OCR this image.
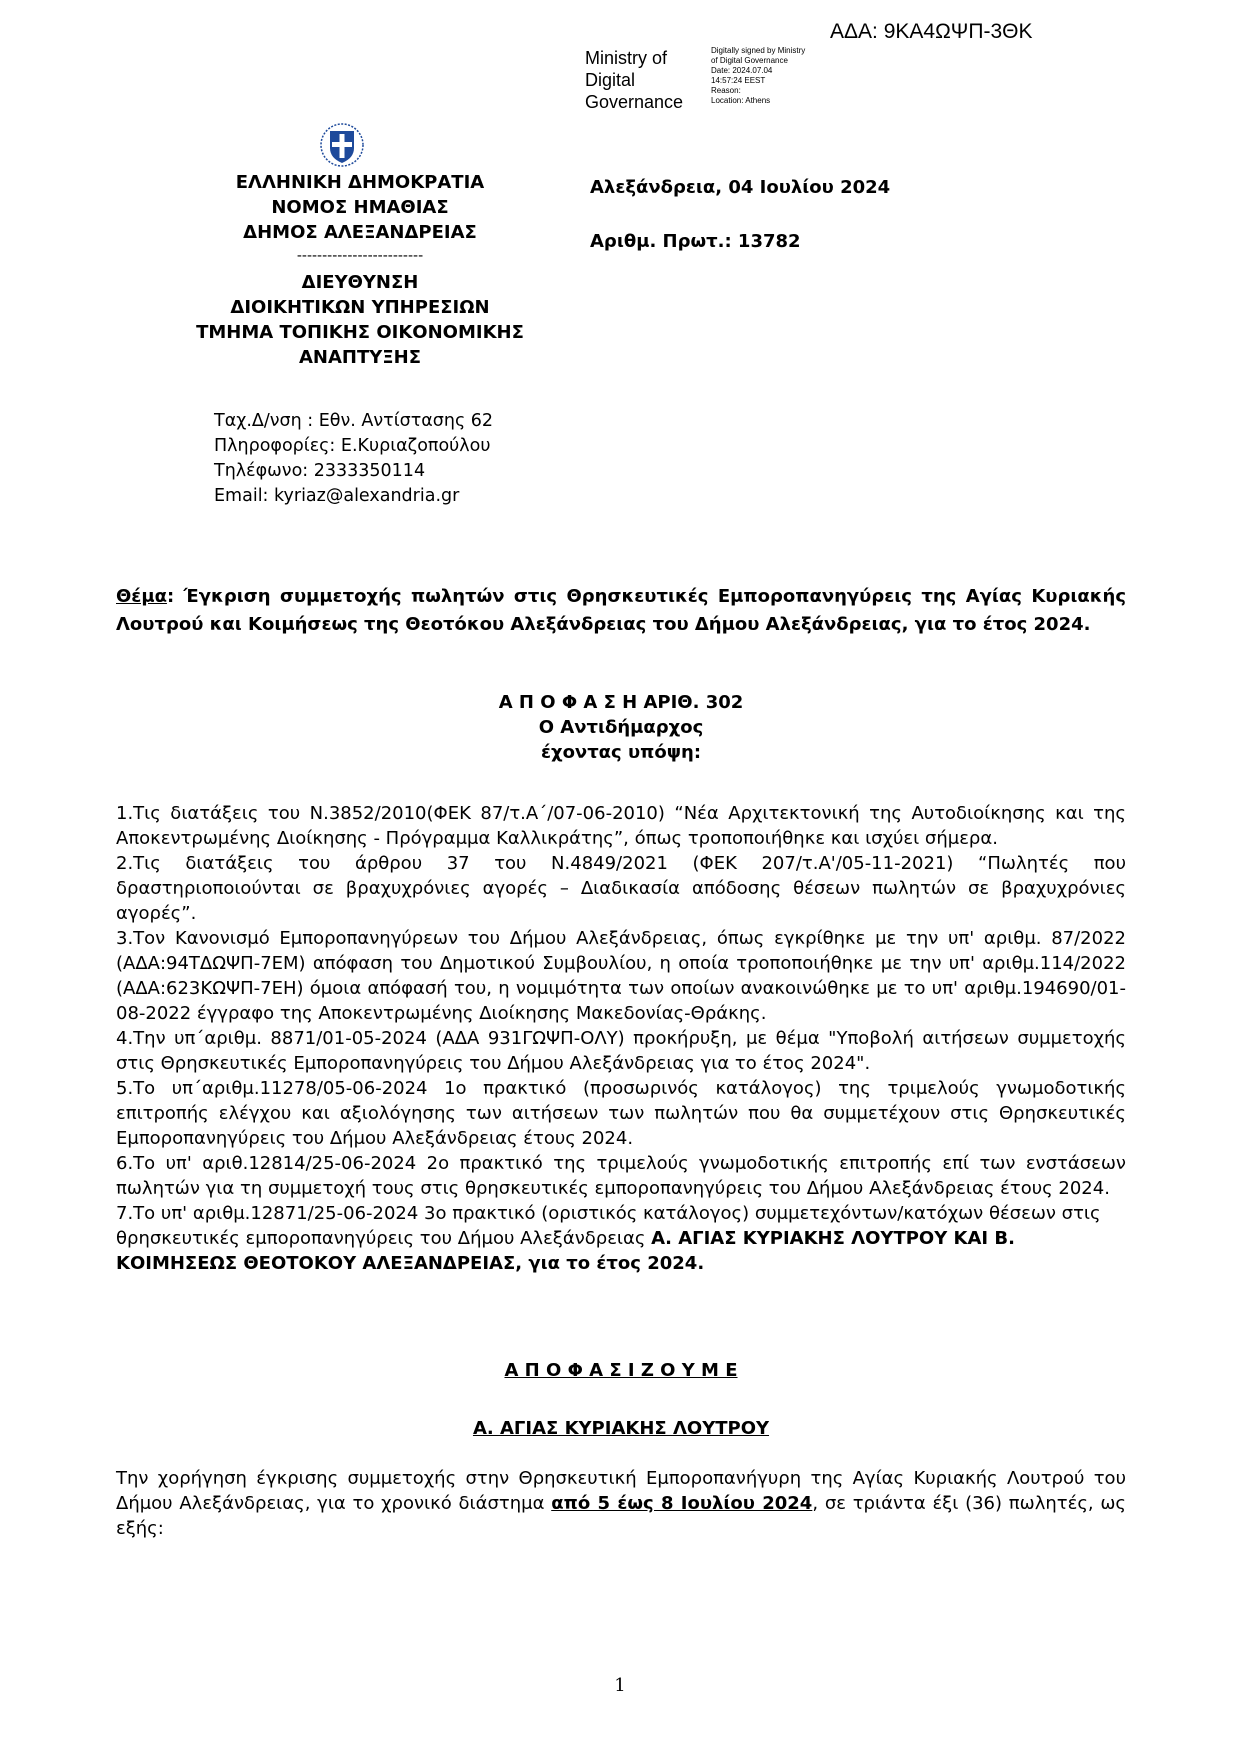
ΑΔΑ: 9ΚΑ4ΩΨΠ-3ΘΚ
Ministry of
Digital
Governance
Digitally signed by Ministry
of Digital Governance
Date: 2024.07.04
14:57:24 EEST
Reason:
Location: Athens
ΕΛΛΗΝΙΚΗ ΔΗΜΟΚΡΑΤΙΑ
ΝΟΜΟΣ ΗΜΑΘΙΑΣ
ΔΗΜΟΣ ΑΛΕΞΑΝΔΡΕΙΑΣ
-------------------------
ΔΙΕΥΘΥΝΣΗ
ΔΙΟΙΚΗΤΙΚΩΝ ΥΠΗΡΕΣΙΩΝ
ΤΜΗΜΑ ΤΟΠΙΚΗΣ ΟΙΚΟΝΟΜΙΚΗΣ
ΑΝΑΠΤΥΞΗΣ
Αλεξάνδρεια, 04 Ιουλίου 2024
Αριθμ. Πρωτ.: 13782
Ταχ.Δ/νση : Εθν. Αντίστασης 62
Πληροφορίες: Ε.Κυριαζοπούλου
Τηλέφωνο: 2333350114
Email: kyriaz@alexandria.gr
Θέμα: Έγκριση συμμετοχής πωλητών στις Θρησκευτικές Εμποροπανηγύρεις της Αγίας Κυριακής Λουτρού και Κοιμήσεως της Θεοτόκου Αλεξάνδρειας του Δήμου Αλεξάνδρειας, για το έτος 2024.
Α Π Ο Φ Α Σ Η ΑΡΙΘ. 302
Ο Αντιδήμαρχος
έχοντας υπόψη:

1.Τις διατάξεις του Ν.3852/2010(ΦΕΚ 87/τ.Α΄/07-06-2010) “Νέα Αρχιτεκτονική της Αυτοδιοίκησης και της Αποκεντρωμένης Διοίκησης - Πρόγραμμα Καλλικράτης”, όπως τροποποιήθηκε και ισχύει σήμερα.

2.Τις διατάξεις του άρθρου 37 του Ν.4849/2021 (ΦΕΚ 207/τ.Α'/05-11-2021) “Πωλητές που δραστηριοποιούνται σε βραχυχρόνιες αγορές – Διαδικασία απόδοσης θέσεων πωλητών σε βραχυχρόνιες αγορές”.

3.Τον Κανονισμό Εμποροπανηγύρεων του Δήμου Αλεξάνδρειας, όπως εγκρίθηκε με την υπ' αριθμ. 87/2022 (ΑΔΑ:94ΤΔΩΨΠ-7ΕΜ) απόφαση του Δημοτικού Συμβουλίου, η οποία τροποποιήθηκε με την υπ' αριθμ.114/2022 (ΑΔΑ:623ΚΩΨΠ-7ΕΗ) όμοια απόφασή του, η νομιμότητα των οποίων ανακοινώθηκε με το υπ' αριθμ.194690/01-08-2022 έγγραφο της Αποκεντρωμένης Διοίκησης Μακεδονίας-Θράκης.

4.Την υπ΄αριθμ. 8871/01-05-2024 (ΑΔΑ 931ΓΩΨΠ-ΟΛΥ) προκήρυξη, με θέμα "Υποβολή αιτήσεων συμμετοχής στις Θρησκευτικές Εμποροπανηγύρεις του Δήμου Αλεξάνδρειας για το έτος 2024".

5.Το υπ΄αριθμ.11278/05-06-2024 1ο πρακτικό (προσωρινός κατάλογος) της τριμελούς γνωμοδοτικής επιτροπής ελέγχου και αξιολόγησης των αιτήσεων των πωλητών που θα συμμετέχουν στις Θρησκευτικές Εμποροπανηγύρεις του Δήμου Αλεξάνδρειας έτους 2024.

6.Το υπ' αριθ.12814/25-06-2024 2ο πρακτικό της τριμελούς γνωμοδοτικής επιτροπής επί των ενστάσεων πωλητών για τη συμμετοχή τους στις θρησκευτικές εμποροπανηγύρεις του Δήμου Αλεξάνδρειας έτους 2024.

7.Το υπ' αριθμ.12871/25-06-2024 3ο πρακτικό (οριστικός κατάλογος) συμμετεχόντων/κατόχων θέσεων στις θρησκευτικές εμποροπανηγύρεις του Δήμου Αλεξάνδρειας Α. ΑΓΙΑΣ ΚΥΡΙΑΚΗΣ ΛΟΥΤΡΟΥ ΚΑΙ Β. ΚΟΙΜΗΣΕΩΣ ΘΕΟΤΟΚΟΥ ΑΛΕΞΑΝΔΡΕΙΑΣ, για το έτος 2024.

Α Π Ο Φ Α Σ Ι Ζ Ο Υ Μ Ε
Α. ΑΓΙΑΣ ΚΥΡΙΑΚΗΣ ΛΟΥΤΡΟΥ
Την χορήγηση έγκρισης συμμετοχής στην Θρησκευτική Εμποροπανήγυρη της Αγίας Κυριακής Λουτρού του Δήμου Αλεξάνδρειας, για το χρονικό διάστημα από 5 έως 8 Ιουλίου 2024, σε τριάντα έξι (36) πωλητές, ως εξής:
1
